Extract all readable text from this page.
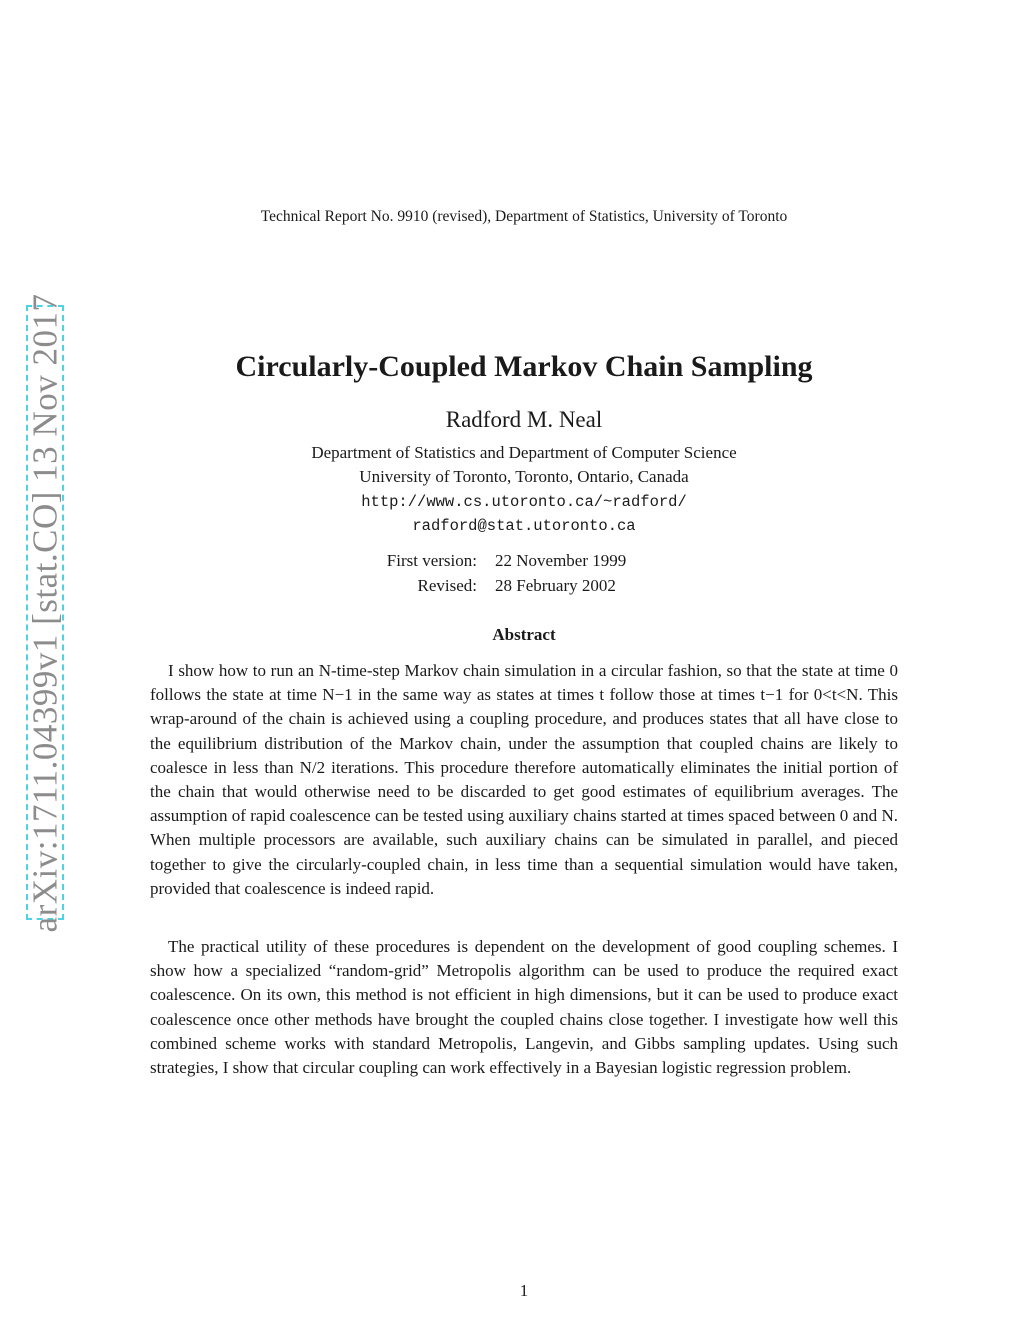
Technical Report No. 9910 (revised), Department of Statistics, University of Toronto

arXiv:1711.04399v1 [stat.CO] 13 Nov 2017	Circularly-Coupled Markov Chain Sampling

Radford M. Neal

Department of Statistics and Department of Computer Science
University of Toronto, Toronto, Ontario, Canada
http://www.cs.utoronto.ca/~radford/
radford@stat.utoronto.ca
First version:	22 November 1999
Revised:	28 February 2002
Abstract

I show how to run an N-time-step Markov chain simulation in a circular fashion, so that the state at time 0 follows the state at time N−1 in the same way as states at times t follow those at times t−1 for 0<t<N. This wrap-around of the chain is achieved using a coupling procedure, and produces states that all have close to the equilibrium distribution of the Markov chain, under the assumption that coupled chains are likely to coalesce in less than N/2 iterations. This procedure therefore automatically eliminates the initial portion of the chain that would otherwise need to be discarded to get good estimates of equilibrium averages. The assumption of rapid coalescence can be tested using auxiliary chains started at times spaced between 0 and N. When multiple processors are available, such auxiliary chains can be simulated in parallel, and pieced together to give the circularly-coupled chain, in less time than a sequential simulation would have taken, provided that coalescence is indeed rapid.

The practical utility of these procedures is dependent on the development of good coupling schemes. I show how a specialized “random-grid” Metropolis algorithm can be used to produce the required exact coalescence. On its own, this method is not efficient in high dimensions, but it can be used to produce exact coalescence once other methods have brought the coupled chains close together. I investigate how well this combined scheme works with standard Metropolis, Langevin, and Gibbs sampling updates. Using such strategies, I show that circular coupling can work effectively in a Bayesian logistic regression problem.

1
